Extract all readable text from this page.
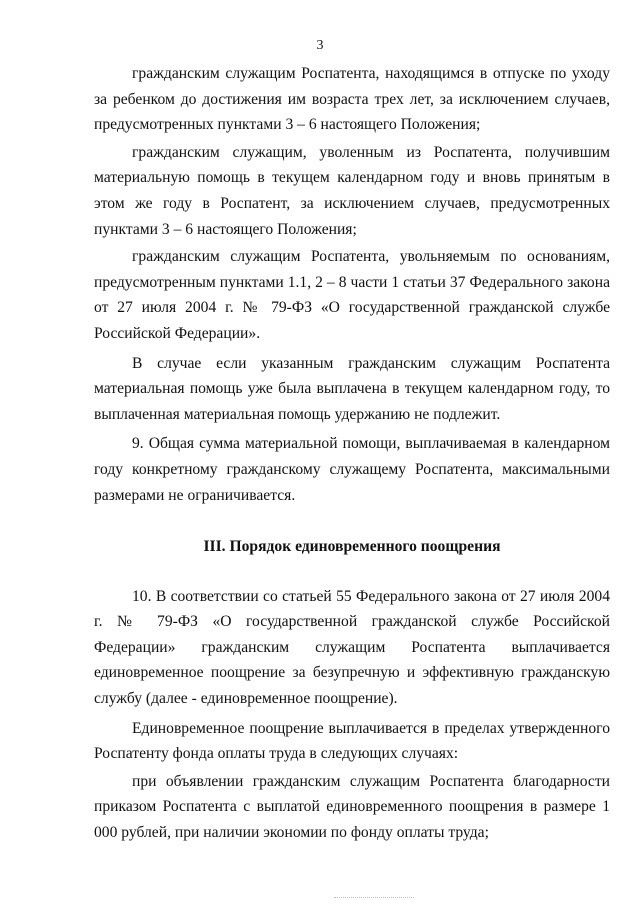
3

гражданским служащим Роспатента, находящимся в отпуске по уходу за ребенком до достижения им возраста трех лет, за исключением случаев, предусмотренных пунктами 3 – 6 настоящего Положения;

гражданским служащим, уволенным из Роспатента, получившим материальную помощь в текущем календарном году и вновь принятым в этом же году в Роспатент, за исключением случаев, предусмотренных пунктами 3 – 6 настоящего Положения;

гражданским служащим Роспатента, увольняемым по основаниям, предусмотренным пунктами 1.1, 2 – 8 части 1 статьи 37 Федерального закона от 27 июля 2004 г. № 79-ФЗ «О государственной гражданской службе Российской Федерации».

В случае если указанным гражданским служащим Роспатента материальная помощь уже была выплачена в текущем календарном году, то выплаченная материальная помощь удержанию не подлежит.

9. Общая сумма материальной помощи, выплачиваемая в календарном году конкретному гражданскому служащему Роспатента, максимальными размерами не ограничивается.

III. Порядок единовременного поощрения

10. В соответствии со статьей 55 Федерального закона от 27 июля 2004 г. № 79-ФЗ «О государственной гражданской службе Российской Федерации» гражданским служащим Роспатента выплачивается единовременное поощрение за безупречную и эффективную гражданскую службу (далее - единовременное поощрение).

Единовременное поощрение выплачивается в пределах утвержденного Роспатенту фонда оплаты труда в следующих случаях:

при объявлении гражданским служащим Роспатента благодарности приказом Роспатента с выплатой единовременного поощрения в размере 1 000 рублей, при наличии экономии по фонду оплаты труда;
